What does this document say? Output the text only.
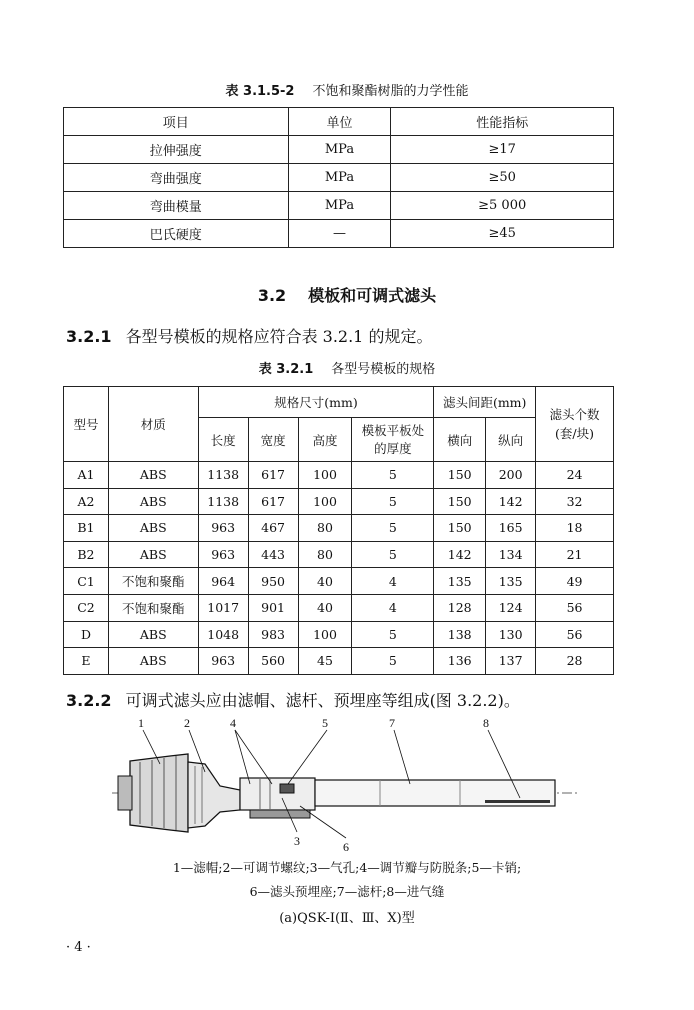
表 3.1.5-2 不饱和聚酯树脂的力学性能
项目	单位	性能指标
拉伸强度	MPa	≥17
弯曲强度	MPa	≥50
弯曲模量	MPa	≥5 000
巴氏硬度	—	≥45
3.2 模板和可调式滤头
3.2.1 各型号模板的规格应符合表 3.2.1 的规定。
表 3.2.1 各型号模板的规格
型号	材质	规格尺寸(mm)				滤头间距(mm)		滤头个数(套/块)
		长度	宽度	高度	模板平板处的厚度	横向	纵向	
A1	ABS	1138	617	100	5	150	200	24
A2	ABS	1138	617	100	5	150	142	32
B1	ABS	963	467	80	5	150	165	18
B2	ABS	963	443	80	5	142	134	21
C1	不饱和聚酯	964	950	40	4	135	135	49
C2	不饱和聚酯	1017	901	40	4	128	124	56
D	ABS	1048	983	100	5	138	130	56
E	ABS	963	560	45	5	136	137	28
3.2.2 可调式滤头应由滤帽、滤杆、预埋座等组成(图 3.2.2)。
1	2	4	5	7	8
3	6
1—滤帽;2—可调节螺纹;3—气孔;4—调节瓣与防脱条;5—卡销;
6—滤头预埋座;7—滤杆;8—进气缝
(a)QSK-Ⅰ(Ⅱ、Ⅲ、Ⅹ)型
· 4 ·
